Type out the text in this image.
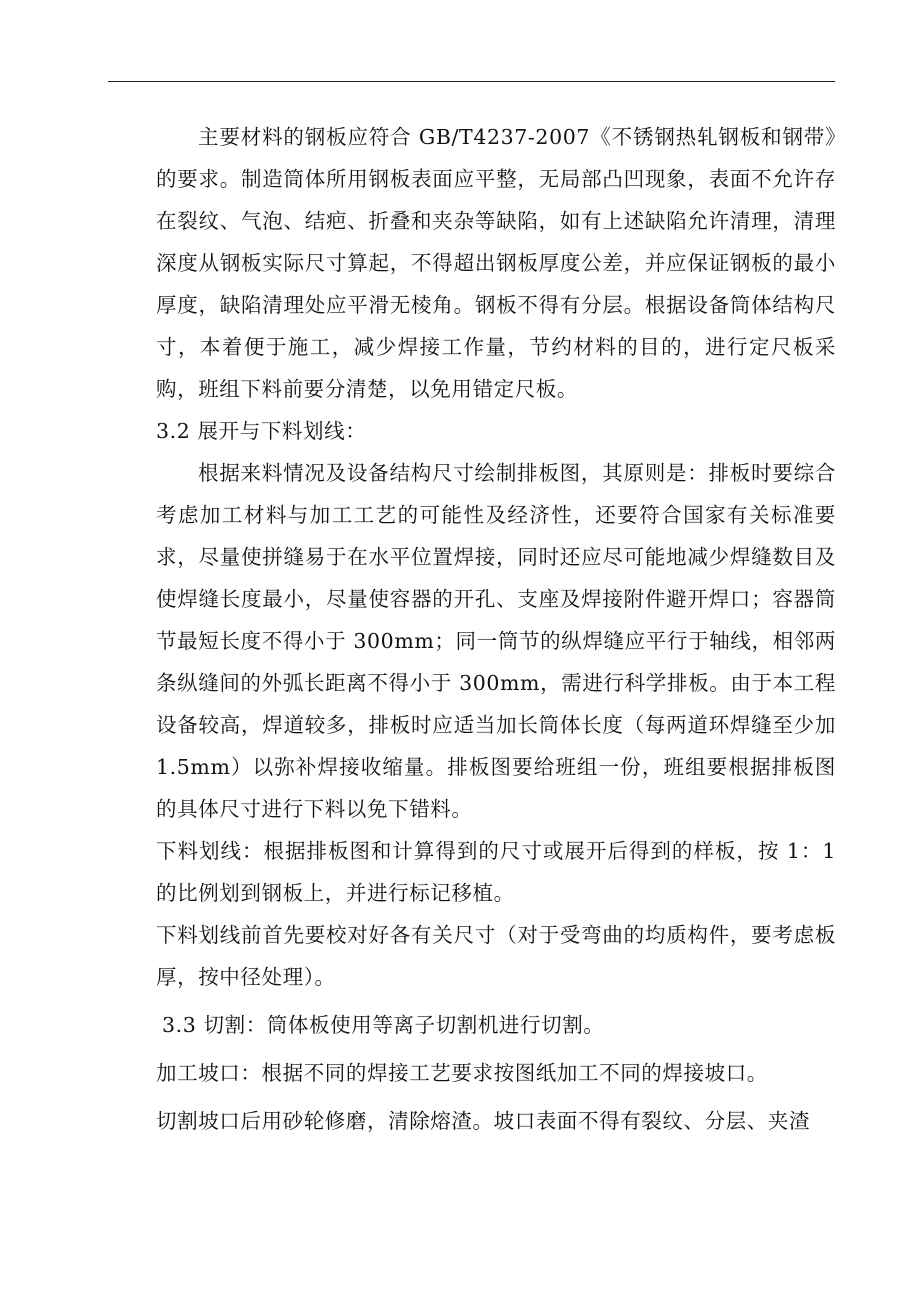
主要材料的钢板应符合 GB/T4237-2007《不锈钢热轧钢板和钢带》的要求。制造筒体所用钢板表面应平整，无局部凸凹现象，表面不允许存在裂纹、气泡、结疤、折叠和夹杂等缺陷，如有上述缺陷允许清理，清理深度从钢板实际尺寸算起，不得超出钢板厚度公差，并应保证钢板的最小厚度，缺陷清理处应平滑无棱角。钢板不得有分层。根据设备筒体结构尺寸，本着便于施工，减少焊接工作量，节约材料的目的，进行定尺板采购，班组下料前要分清楚，以免用错定尺板。

3.2 展开与下料划线：

根据来料情况及设备结构尺寸绘制排板图，其原则是：排板时要综合考虑加工材料与加工工艺的可能性及经济性，还要符合国家有关标准要求，尽量使拼缝易于在水平位置焊接，同时还应尽可能地减少焊缝数目及使焊缝长度最小，尽量使容器的开孔、支座及焊接附件避开焊口；容器筒节最短长度不得小于 300mm；同一筒节的纵焊缝应平行于轴线，相邻两条纵缝间的外弧长距离不得小于 300mm，需进行科学排板。由于本工程设备较高，焊道较多，排板时应适当加长筒体长度（每两道环焊缝至少加 1.5mm）以弥补焊接收缩量。排板图要给班组一份，班组要根据排板图的具体尺寸进行下料以免下错料。

下料划线：根据排板图和计算得到的尺寸或展开后得到的样板，按 1：1 的比例划到钢板上，并进行标记移植。

下料划线前首先要校对好各有关尺寸（对于受弯曲的均质构件，要考虑板厚，按中径处理）。

3.3 切割：筒体板使用等离子切割机进行切割。

加工坡口：根据不同的焊接工艺要求按图纸加工不同的焊接坡口。

切割坡口后用砂轮修磨，清除熔渣。坡口表面不得有裂纹、分层、夹渣
